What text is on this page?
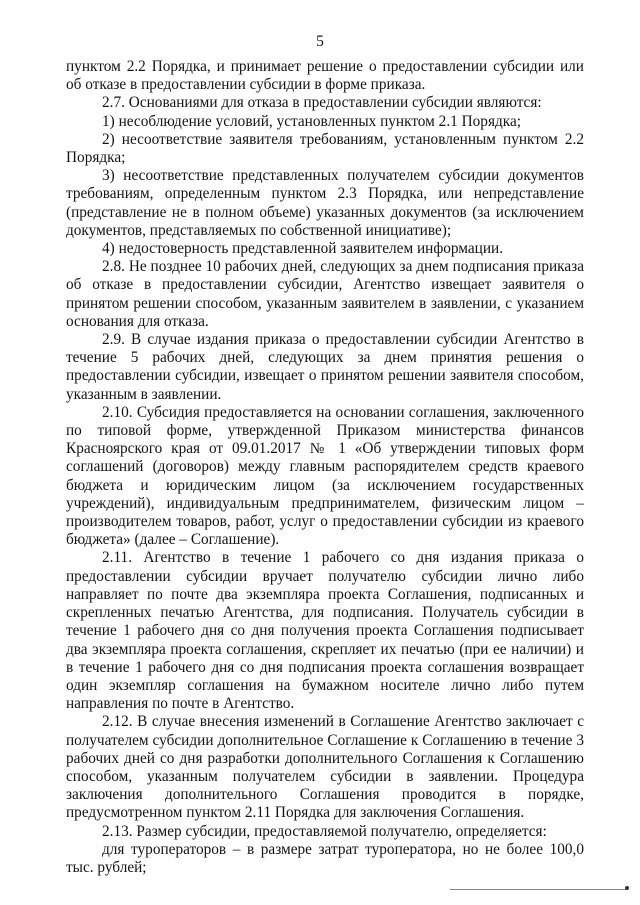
5

пунктом 2.2 Порядка, и принимает решение о предоставлении субсидии или об отказе в предоставлении субсидии в форме приказа.

2.7. Основаниями для отказа в предоставлении субсидии являются:

1) несоблюдение условий, установленных пунктом 2.1 Порядка;

2) несоответствие заявителя требованиям, установленным пунктом 2.2 Порядка;

3) несоответствие представленных получателем субсидии документов требованиям, определенным пунктом 2.3 Порядка, или непредставление (представление не в полном объеме) указанных документов (за исключением документов, представляемых по собственной инициативе);

4) недостоверность представленной заявителем информации.

2.8. Не позднее 10 рабочих дней, следующих за днем подписания приказа об отказе в предоставлении субсидии, Агентство извещает заявителя о принятом решении способом, указанным заявителем в заявлении, с указанием основания для отказа.

2.9. В случае издания приказа о предоставлении субсидии Агентство в течение 5 рабочих дней, следующих за днем принятия решения о предоставлении субсидии, извещает о принятом решении заявителя способом, указанным в заявлении.

2.10. Субсидия предоставляется на основании соглашения, заключенного по типовой форме, утвержденной Приказом министерства финансов Красноярского края от 09.01.2017 № 1 «Об утверждении типовых форм соглашений (договоров) между главным распорядителем средств краевого бюджета и юридическим лицом (за исключением государственных учреждений), индивидуальным предпринимателем, физическим лицом – производителем товаров, работ, услуг о предоставлении субсидии из краевого бюджета» (далее – Соглашение).

2.11. Агентство в течение 1 рабочего со дня издания приказа о предоставлении субсидии вручает получателю субсидии лично либо направляет по почте два экземпляра проекта Соглашения, подписанных и скрепленных печатью Агентства, для подписания. Получатель субсидии в течение 1 рабочего дня со дня получения проекта Соглашения подписывает два экземпляра проекта соглашения, скрепляет их печатью (при ее наличии) и в течение 1 рабочего дня со дня подписания проекта соглашения возвращает один экземпляр соглашения на бумажном носителе лично либо путем направления по почте в Агентство.

2.12. В случае внесения изменений в Соглашение Агентство заключает с получателем субсидии дополнительное Соглашение к Соглашению в течение 3 рабочих дней со дня разработки дополнительного Соглашения к Соглашению способом, указанным получателем субсидии в заявлении. Процедура заключения дополнительного Соглашения проводится в порядке, предусмотренном пунктом 2.11 Порядка для заключения Соглашения.

2.13. Размер субсидии, предоставляемой получателю, определяется:

для туроператоров – в размере затрат туроператора, но не более 100,0 тыс. рублей;
